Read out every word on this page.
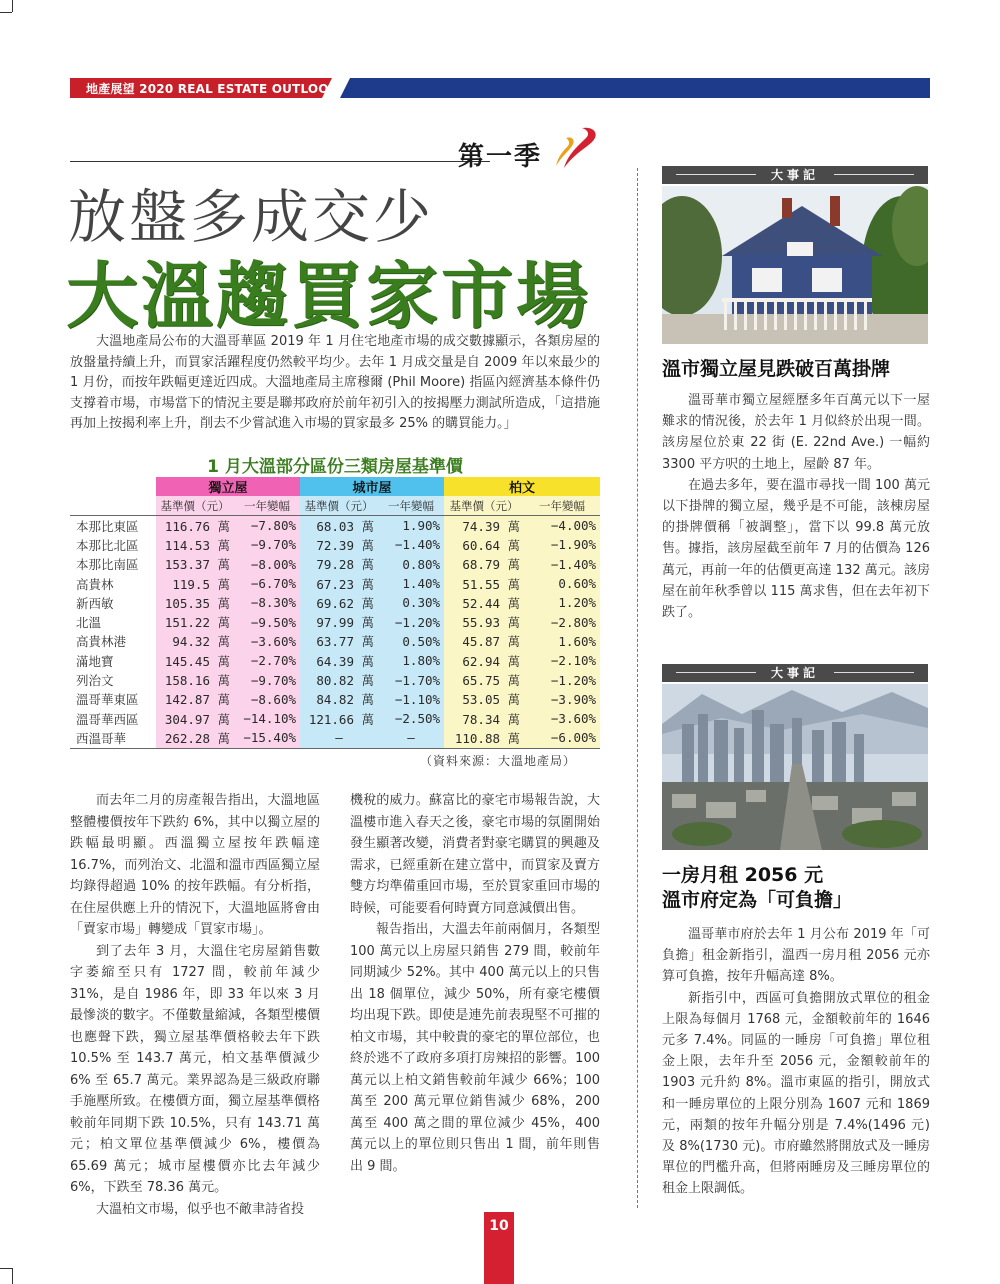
地產展望 2020 REAL ESTATE OUTLOOK
第一季
放盤多成交少
大溫趨買家市場
大溫地產局公布的大溫哥華區 2019 年 1 月住宅地產市場的成交數據顯示，各類房屋的放盤量持續上升，而買家活躍程度仍然較平均少。去年 1 月成交量是自 2009 年以來最少的 1 月份，而按年跌幅更達近四成。大溫地產局主席穆爾 (Phil Moore) 指區內經濟基本條件仍支撐着市場，市場當下的情況主要是聯邦政府於前年初引入的按揭壓力測試所造成，「這措施再加上按揭利率上升，削去不少嘗試進入市場的買家最多 25% 的購買能力。」
1 月大溫部分區份三類房屋基準價
	獨立屋		城市屋		柏文	
	基準價（元）	一年變幅	基準價（元）	一年變幅	基準價（元）	一年變幅
本那比東區	116.76 萬	−7.80%	68.03 萬	1.90%	74.39 萬	−4.00%
本那比北區	114.53 萬	−9.70%	72.39 萬	−1.40%	60.64 萬	−1.90%
本那比南區	153.37 萬	−8.00%	79.28 萬	0.80%	68.79 萬	−1.40%
高貴林	119.5 萬	−6.70%	67.23 萬	1.40%	51.55 萬	0.60%
新西敏	105.35 萬	−8.30%	69.62 萬	0.30%	52.44 萬	1.20%
北溫	151.22 萬	−9.50%	97.99 萬	−1.20%	55.93 萬	−2.80%
高貴林港	94.32 萬	−3.60%	63.77 萬	0.50%	45.87 萬	1.60%
滿地寶	145.45 萬	−2.70%	64.39 萬	1.80%	62.94 萬	−2.10%
列治文	158.16 萬	−9.70%	80.82 萬	−1.70%	65.75 萬	−1.20%
溫哥華東區	142.87 萬	−8.60%	84.82 萬	−1.10%	53.05 萬	−3.90%
溫哥華西區	304.97 萬	−14.10%	121.66 萬	−2.50%	78.34 萬	−3.60%
西溫哥華	262.28 萬	−15.40%	—	—	110.88 萬	−6.00%
（資料來源：大溫地產局）

而去年二月的房產報告指出，大溫地區整體樓價按年下跌約 6%，其中以獨立屋的跌幅最明顯。西溫獨立屋按年跌幅達 16.7%，而列治文、北溫和溫市西區獨立屋均錄得超過 10% 的按年跌幅。有分析指，在住屋供應上升的情況下，大溫地區將會由「賣家市場」轉變成「買家市場」。

到了去年 3 月，大溫住宅房屋銷售數字萎縮至只有 1727 間，較前年減少 31%，是自 1986 年，即 33 年以來 3 月最慘淡的數字。不僅數量縮減，各類型樓價也應聲下跌，獨立屋基準價格較去年下跌 10.5% 至 143.7 萬元，柏文基準價減少 6% 至 65.7 萬元。業界認為是三級政府聯手施壓所致。在樓價方面，獨立屋基準價格較前年同期下跌 10.5%，只有 143.71 萬元；柏文單位基準價減少 6%，樓價為 65.69 萬元；城市屋樓價亦比去年減少 6%，下跌至 78.36 萬元。

大溫柏文市場，似乎也不敵聿詩省投

機稅的威力。蘇富比的豪宅市場報告說，大溫樓市進入春天之後，豪宅市場的氛圍開始發生顯著改變，消費者對豪宅購買的興趣及需求，已經重新在建立當中，而買家及賣方雙方均準備重回市場，至於買家重回市場的時候，可能要看何時賣方同意減價出售。

報告指出，大溫去年前兩個月，各類型 100 萬元以上房屋只銷售 279 間，較前年同期減少 52%。其中 400 萬元以上的只售出 18 個單位，減少 50%，所有豪宅樓價均出現下跌。即使是連先前表現堅不可摧的柏文市場，其中較貴的豪宅的單位部位，也終於逃不了政府多項打房辣招的影響。100 萬元以上柏文銷售較前年減少 66%；100 萬至 200 萬元單位銷售減少 68%，200 萬至 400 萬之間的單位減少 45%，400 萬元以上的單位則只售出 1 間，前年則售出 9 間。

大事記
溫市獨立屋見跌破百萬掛牌

溫哥華市獨立屋經歷多年百萬元以下一屋難求的情況後，於去年 1 月似終於出現一間。該房屋位於東 22 街 (E. 22nd Ave.) 一幅約 3300 平方呎的土地上，屋齡 87 年。

在過去多年，要在溫市尋找一間 100 萬元以下掛牌的獨立屋，幾乎是不可能，該棟房屋的掛牌價稱「被調整」，當下以 99.8 萬元放售。據指，該房屋截至前年 7 月的估價為 126 萬元，再前一年的估價更高達 132 萬元。該房屋在前年秋季曾以 115 萬求售，但在去年初下跌了。

大事記
一房月租 2056 元
溫市府定為「可負擔」

溫哥華市府於去年 1 月公布 2019 年「可負擔」租金新指引，溫西一房月租 2056 元亦算可負擔，按年升幅高達 8%。

新指引中，西區可負擔開放式單位的租金上限為每個月 1768 元，金額較前年的 1646 元多 7.4%。同區的一睡房「可負擔」單位租金上限，去年升至 2056 元，金額較前年的 1903 元升約 8%。溫市東區的指引，開放式和一睡房單位的上限分別為 1607 元和 1869 元，兩類的按年升幅分別是 7.4%(1496 元) 及 8%(1730 元)。市府雖然將開放式及一睡房單位的門檻升高，但將兩睡房及三睡房單位的租金上限調低。

10
